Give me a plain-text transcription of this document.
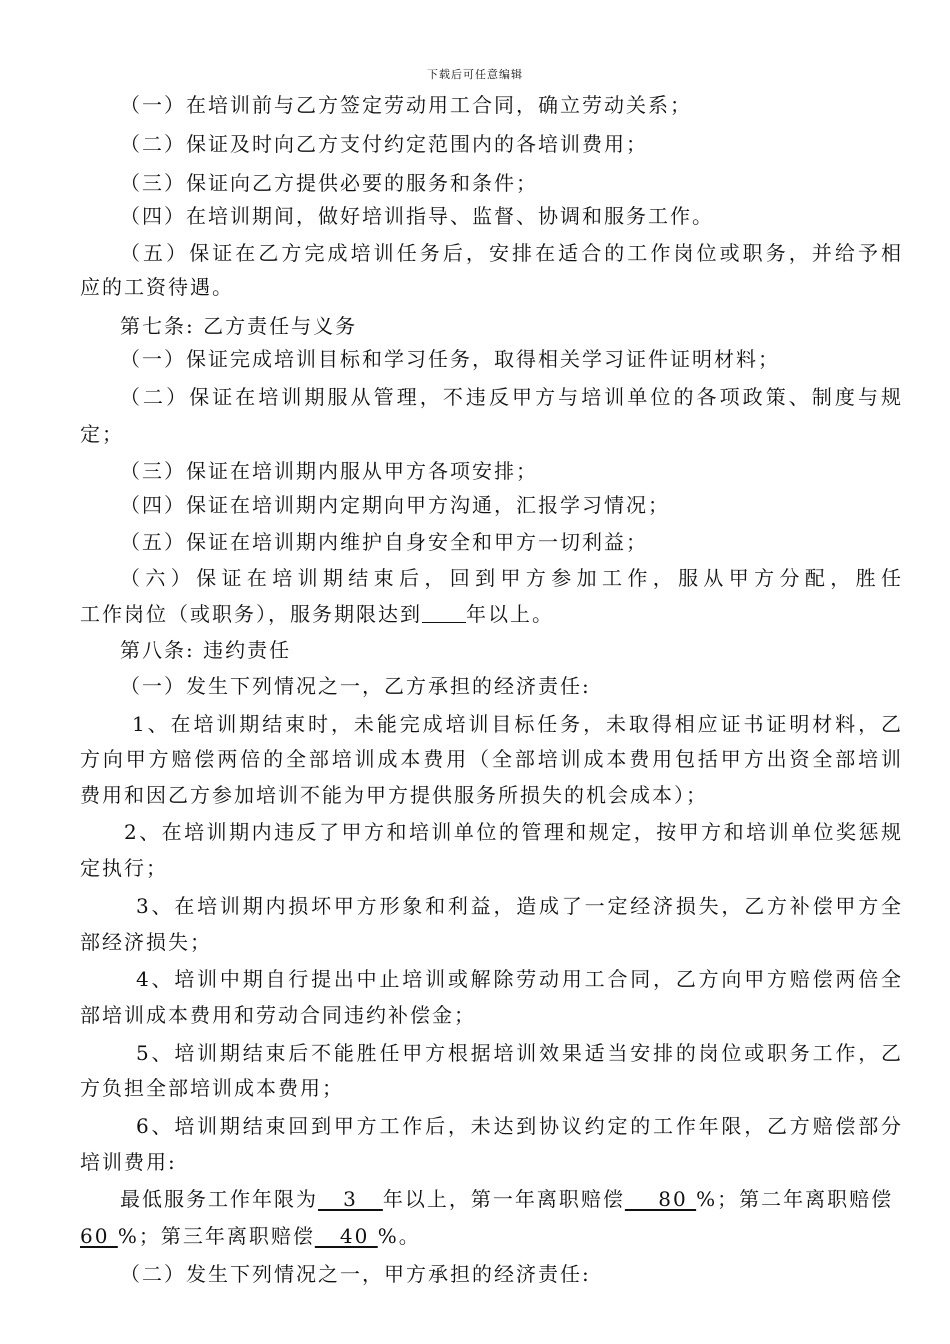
下载后可任意编辑
（一）在培训前与乙方签定劳动用工合同，确立劳动关系；
（二）保证及时向乙方支付约定范围内的各培训费用；
（三）保证向乙方提供必要的服务和条件；
（四）在培训期间，做好培训指导、监督、协调和服务工作。
（五）保证在乙方完成培训任务后，安排在适合的工作岗位或职务，并给予相
应的工资待遇。
第七条: 乙方责任与义务
（一）保证完成培训目标和学习任务，取得相关学习证件证明材料；
（二）保证在培训期服从管理，不违反甲方与培训单位的各项政策、制度与规
定；
（三）保证在培训期内服从甲方各项安排；
（四）保证在培训期内定期向甲方沟通，汇报学习情况；
（五）保证在培训期内维护自身安全和甲方一切利益；
（六）保证在培训期结束后，回到甲方参加工作，服从甲方分配，胜任
工作岗位（或职务），服务期限达到 年以上。
第八条: 违约责任
（一）发生下列情况之一，乙方承担的经济责任:
1、在培训期结束时，未能完成培训目标任务，未取得相应证书证明材料，乙
方向甲方赔偿两倍的全部培训成本费用（全部培训成本费用包括甲方出资全部培训
费用和因乙方参加培训不能为甲方提供服务所损失的机会成本）；
2、在培训期内违反了甲方和培训单位的管理和规定，按甲方和培训单位奖惩规
定执行；
3、在培训期内损坏甲方形象和利益，造成了一定经济损失，乙方补偿甲方全
部经济损失；
4、培训中期自行提出中止培训或解除劳动用工合同，乙方向甲方赔偿两倍全
部培训成本费用和劳动合同违约补偿金；
5、培训期结束后不能胜任甲方根据培训效果适当安排的岗位或职务工作，乙
方负担全部培训成本费用；
6、培训期结束回到甲方工作后，未达到协议约定的工作年限，乙方赔偿部分
培训费用:
最低服务工作年限为   3   年以上，第一年离职赔偿    80 %；第二年离职赔偿
60 %；第三年离职赔偿   40 %。
（二）发生下列情况之一，甲方承担的经济责任:
